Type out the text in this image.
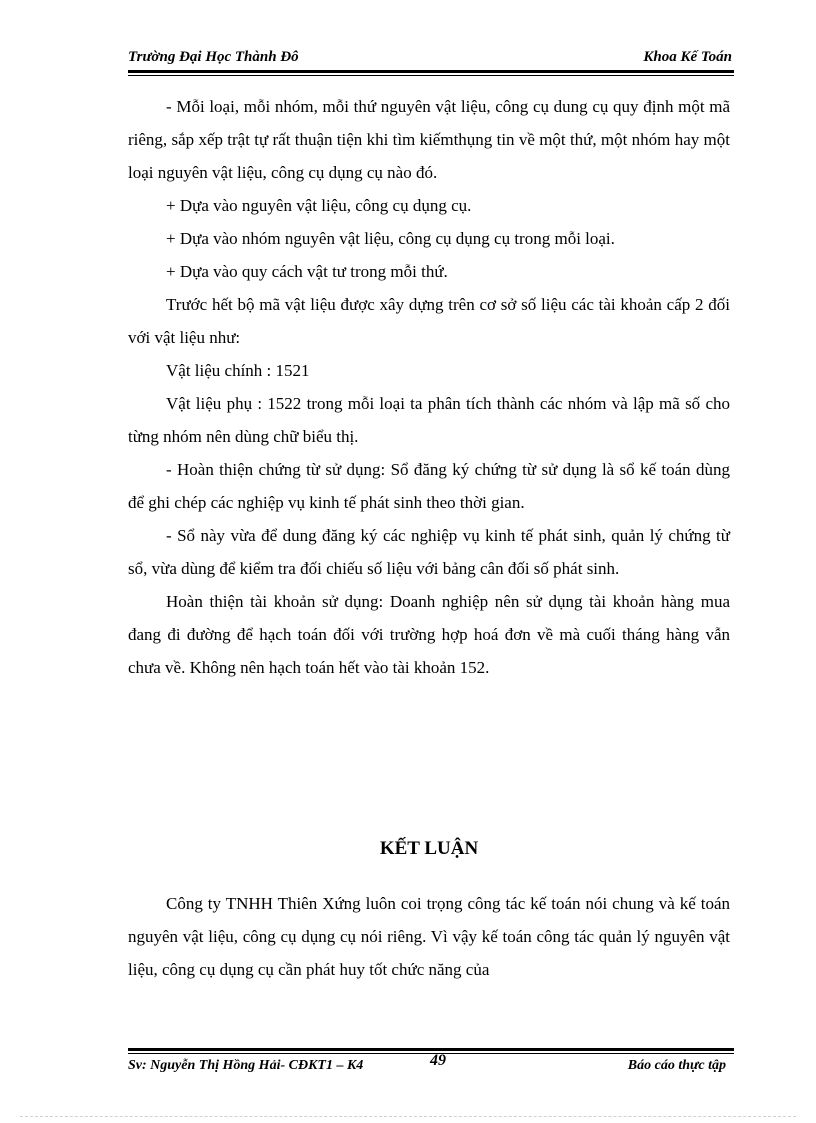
Trường Đại Học Thành Đô	Khoa Kế Toán

- Mỗi loại, mỗi nhóm, mỗi thứ nguyên vật liệu, công cụ dung cụ quy định một mã riêng, sắp xếp trật tự rất thuận tiện khi tìm kiếmthụng tin về một thứ, một nhóm hay một loại nguyên vật liệu, công cụ dụng cụ nào đó.

+ Dựa vào nguyên vật liệu, công cụ dụng cụ.

+ Dựa vào nhóm nguyên vật liệu, công cụ dụng cụ trong mỗi loại.

+ Dựa vào quy cách vật tư trong mỗi thứ.

Trước hết bộ mã vật liệu được xây dựng trên cơ sở số liệu các tài khoản cấp 2 đối với vật liệu như:

Vật liệu chính : 1521

Vật liệu phụ : 1522 trong mỗi loại ta phân tích thành các nhóm và lập mã số cho từng nhóm nên dùng chữ biểu thị.

- Hoàn thiện chứng từ sử dụng: Sổ đăng ký chứng từ sử dụng là sổ kế toán dùng để ghi chép các nghiệp vụ kinh tế phát sinh theo thời gian.

- Sổ này vừa để dung đăng ký các nghiệp vụ kinh tế phát sinh, quản lý chứng từ sổ, vừa dùng để kiểm tra đối chiếu số liệu với bảng cân đối số phát sinh.

Hoàn thiện tài khoản sử dụng: Doanh nghiệp nên sử dụng tài khoản hàng mua đang đi đường để hạch toán đối với trường hợp hoá đơn về mà cuối tháng hàng vẫn chưa về. Không nên hạch toán hết vào tài khoản 152.

KẾT LUẬN

Công ty TNHH Thiên Xứng luôn coi trọng công tác kế toán nói chung và kế toán nguyên vật liệu, công cụ dụng cụ nói riêng. Vì vậy kế toán công tác quản lý nguyên vật liệu, công cụ dụng cụ cần phát huy tốt chức năng của

Sv: Nguyễn Thị Hồng Hải- CĐKT1 – K4	49	Báo cáo thực tập
